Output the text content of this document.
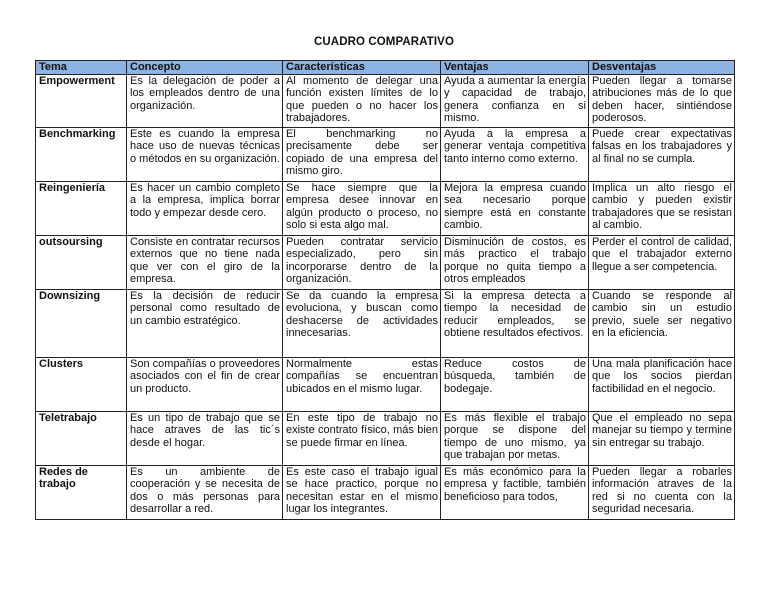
CUADRO COMPARATIVO
Tema	Concepto	Características	Ventajas	Desventajas
Empowerment	Es la delegación de poder a los empleados dentro de una organización.	Al momento de delegar una función existen límites de lo que pueden o no hacer los trabajadores.	Ayuda a aumentar la energía y capacidad de trabajo, genera confianza en si mismo.	Pueden llegar a tomarse atribuciones más de lo que deben hacer, sintiéndose poderosos.
Benchmarking	Este es cuando la empresa hace uso de nuevas técnicas o métodos en su organización.	El benchmarking no precisamente debe ser copiado de una empresa del mismo giro.	Ayuda a la empresa a generar ventaja competitiva tanto interno como externo.	Puede crear expectativas falsas en los trabajadores y al final no se cumpla.
Reingeniería	Es hacer un cambio completo a la empresa, implica borrar todo y empezar desde cero.	Se hace siempre que la empresa desee innovar en algún producto o proceso, no solo si esta algo mal.	Mejora la empresa cuando sea necesario porque siempre está en constante cambio.	Implica un alto riesgo el cambio y pueden existir trabajadores que se resistan al cambio.
outsoursing	Consiste en contratar recursos externos que no tiene nada que ver con el giro de la empresa.	Pueden contratar servicio especializado, pero sin incorporarse dentro de la organización.	Disminución de costos, es más practico el trabajo porque no quita tiempo a otros empleados	Perder el control de calidad, que el trabajador externo llegue a ser competencia.
Downsizing	Es la decisión de reducir personal como resultado de un cambio estratégico.	Se da cuando la empresa evoluciona, y buscan como deshacerse de actividades innecesarias.	Si la empresa detecta a tiempo la necesidad de reducir empleados, se obtiene resultados efectivos.	Cuando se responde al cambio sin un estudio previo, suele ser negativo en la eficiencia.
Clusters	Son compañías o proveedores asociados con el fin de crear un producto.	Normalmente estas compañías se encuentran ubicados en el mismo lugar.	Reduce costos de búsqueda, también de bodegaje.	Una mala planificación hace que los socios pierdan factibilidad en el negocio.
Teletrabajo	Es un tipo de trabajo que se hace atraves de las tic´s desde el hogar.	En este tipo de trabajo no existe contrato físico, más bien se puede firmar en línea.	Es más flexible el trabajo porque se dispone del tiempo de uno mismo, ya que trabajan por metas.	Que el empleado no sepa manejar su tiempo y termine sin entregar su trabajo.
Redes de trabajo	Es un ambiente de cooperación y se necesita de dos o más personas para desarrollar a red.	Es este caso el trabajo igual se hace practico, porque no necesitan estar en el mismo lugar los integrantes.	Es más económico para la empresa y factible, también beneficioso para todos,	Pueden llegar a robarles información atraves de la red si no cuenta con la seguridad necesaria.
